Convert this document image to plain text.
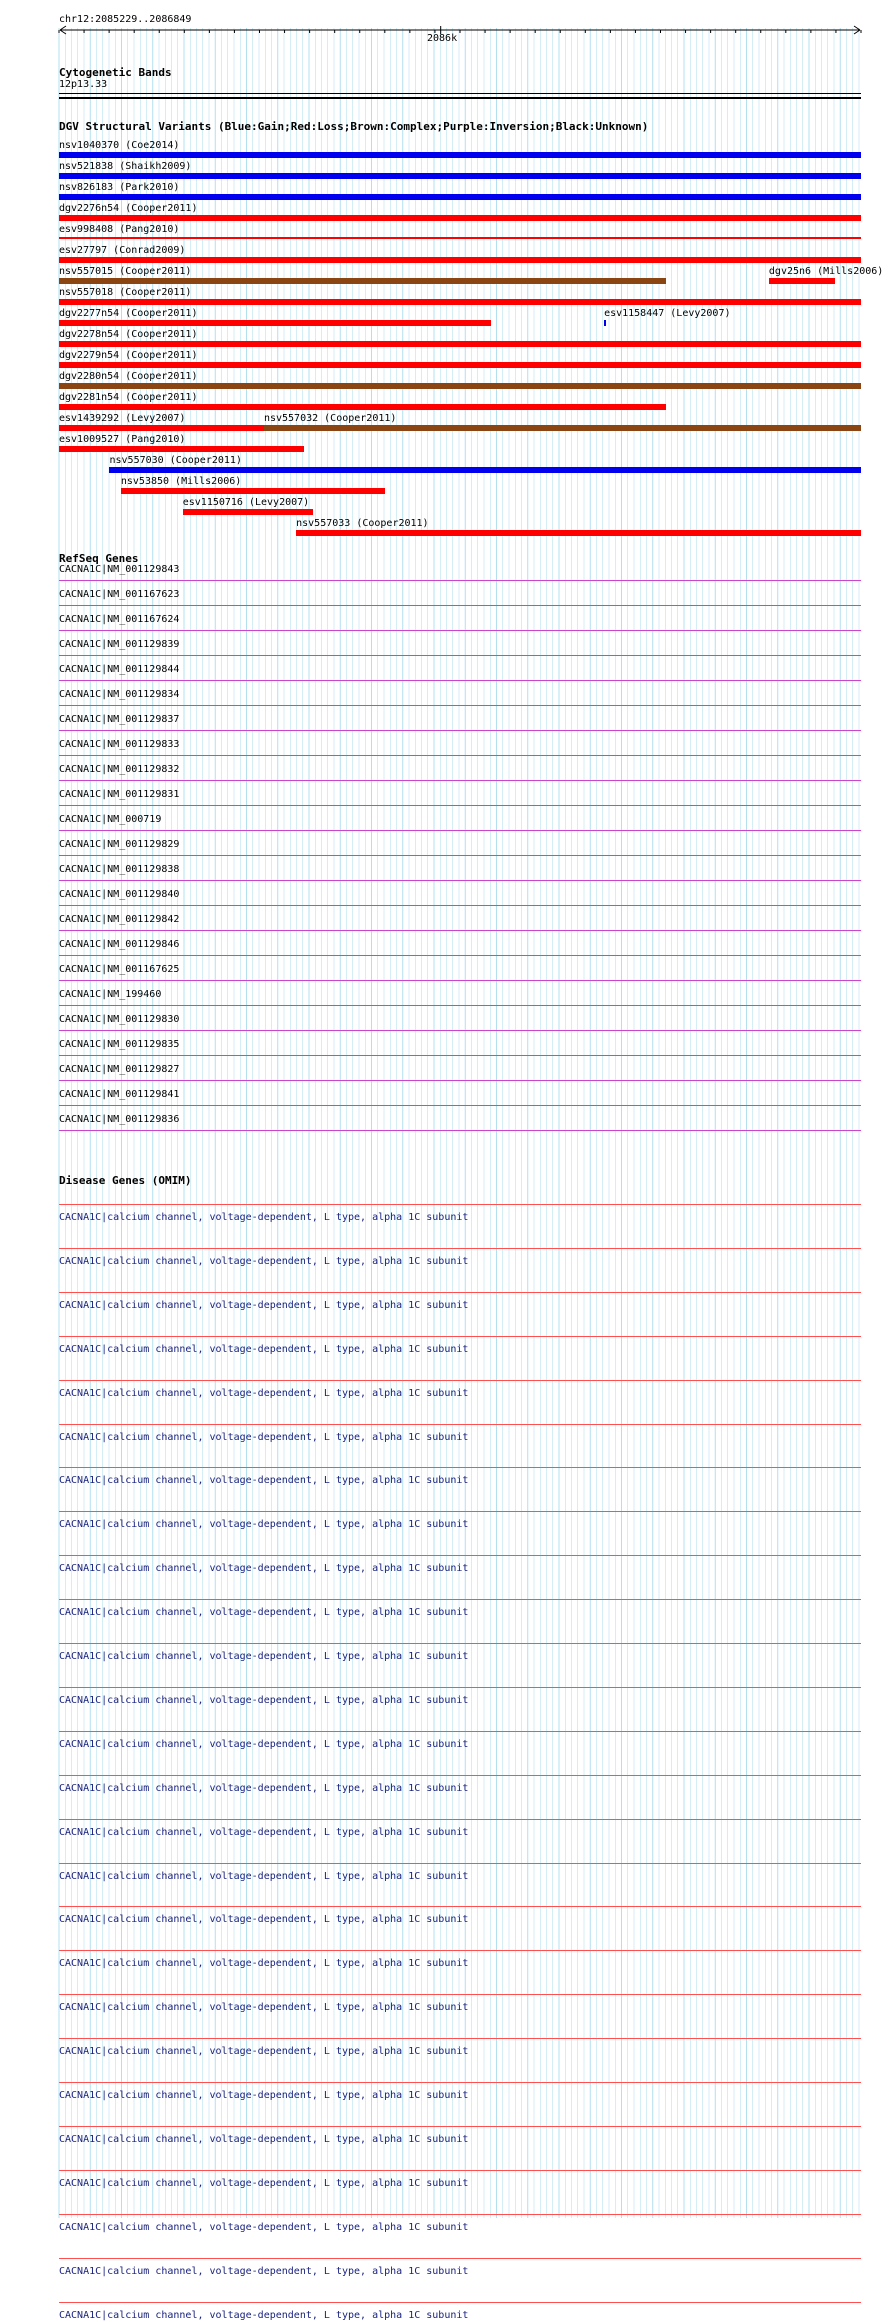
chr12:2085229..2086849
2086k
Cytogenetic Bands
12p13.33
DGV Structural Variants (Blue:Gain;Red:Loss;Brown:Complex;Purple:Inversion;Black:Unknown)
nsv1040370 (Coe2014)
nsv521838 (Shaikh2009)
nsv826183 (Park2010)
dgv2276n54 (Cooper2011)
esv998408 (Pang2010)
esv27797 (Conrad2009)
nsv557015 (Cooper2011)	dgv25n6 (Mills2006)
nsv557018 (Cooper2011)
dgv2277n54 (Cooper2011)	esv1158447 (Levy2007)
dgv2278n54 (Cooper2011)
dgv2279n54 (Cooper2011)
dgv2280n54 (Cooper2011)
dgv2281n54 (Cooper2011)
esv1439292 (Levy2007)	nsv557032 (Cooper2011)
esv1009527 (Pang2010)
nsv557030 (Cooper2011)
nsv53850 (Mills2006)
esv1150716 (Levy2007)
nsv557033 (Cooper2011)
RefSeq Genes
CACNA1C|NM_001129843
CACNA1C|NM_001167623
CACNA1C|NM_001167624
CACNA1C|NM_001129839
CACNA1C|NM_001129844
CACNA1C|NM_001129834
CACNA1C|NM_001129837
CACNA1C|NM_001129833
CACNA1C|NM_001129832
CACNA1C|NM_001129831
CACNA1C|NM_000719
CACNA1C|NM_001129829
CACNA1C|NM_001129838
CACNA1C|NM_001129840
CACNA1C|NM_001129842
CACNA1C|NM_001129846
CACNA1C|NM_001167625
CACNA1C|NM_199460
CACNA1C|NM_001129830
CACNA1C|NM_001129835
CACNA1C|NM_001129827
CACNA1C|NM_001129841
CACNA1C|NM_001129836
Disease Genes (OMIM)
CACNA1C|calcium channel, voltage-dependent, L type, alpha 1C subunit
CACNA1C|calcium channel, voltage-dependent, L type, alpha 1C subunit
CACNA1C|calcium channel, voltage-dependent, L type, alpha 1C subunit
CACNA1C|calcium channel, voltage-dependent, L type, alpha 1C subunit
CACNA1C|calcium channel, voltage-dependent, L type, alpha 1C subunit
CACNA1C|calcium channel, voltage-dependent, L type, alpha 1C subunit
CACNA1C|calcium channel, voltage-dependent, L type, alpha 1C subunit
CACNA1C|calcium channel, voltage-dependent, L type, alpha 1C subunit
CACNA1C|calcium channel, voltage-dependent, L type, alpha 1C subunit
CACNA1C|calcium channel, voltage-dependent, L type, alpha 1C subunit
CACNA1C|calcium channel, voltage-dependent, L type, alpha 1C subunit
CACNA1C|calcium channel, voltage-dependent, L type, alpha 1C subunit
CACNA1C|calcium channel, voltage-dependent, L type, alpha 1C subunit
CACNA1C|calcium channel, voltage-dependent, L type, alpha 1C subunit
CACNA1C|calcium channel, voltage-dependent, L type, alpha 1C subunit
CACNA1C|calcium channel, voltage-dependent, L type, alpha 1C subunit
CACNA1C|calcium channel, voltage-dependent, L type, alpha 1C subunit
CACNA1C|calcium channel, voltage-dependent, L type, alpha 1C subunit
CACNA1C|calcium channel, voltage-dependent, L type, alpha 1C subunit
CACNA1C|calcium channel, voltage-dependent, L type, alpha 1C subunit
CACNA1C|calcium channel, voltage-dependent, L type, alpha 1C subunit
CACNA1C|calcium channel, voltage-dependent, L type, alpha 1C subunit
CACNA1C|calcium channel, voltage-dependent, L type, alpha 1C subunit
CACNA1C|calcium channel, voltage-dependent, L type, alpha 1C subunit
CACNA1C|calcium channel, voltage-dependent, L type, alpha 1C subunit
CACNA1C|calcium channel, voltage-dependent, L type, alpha 1C subunit
